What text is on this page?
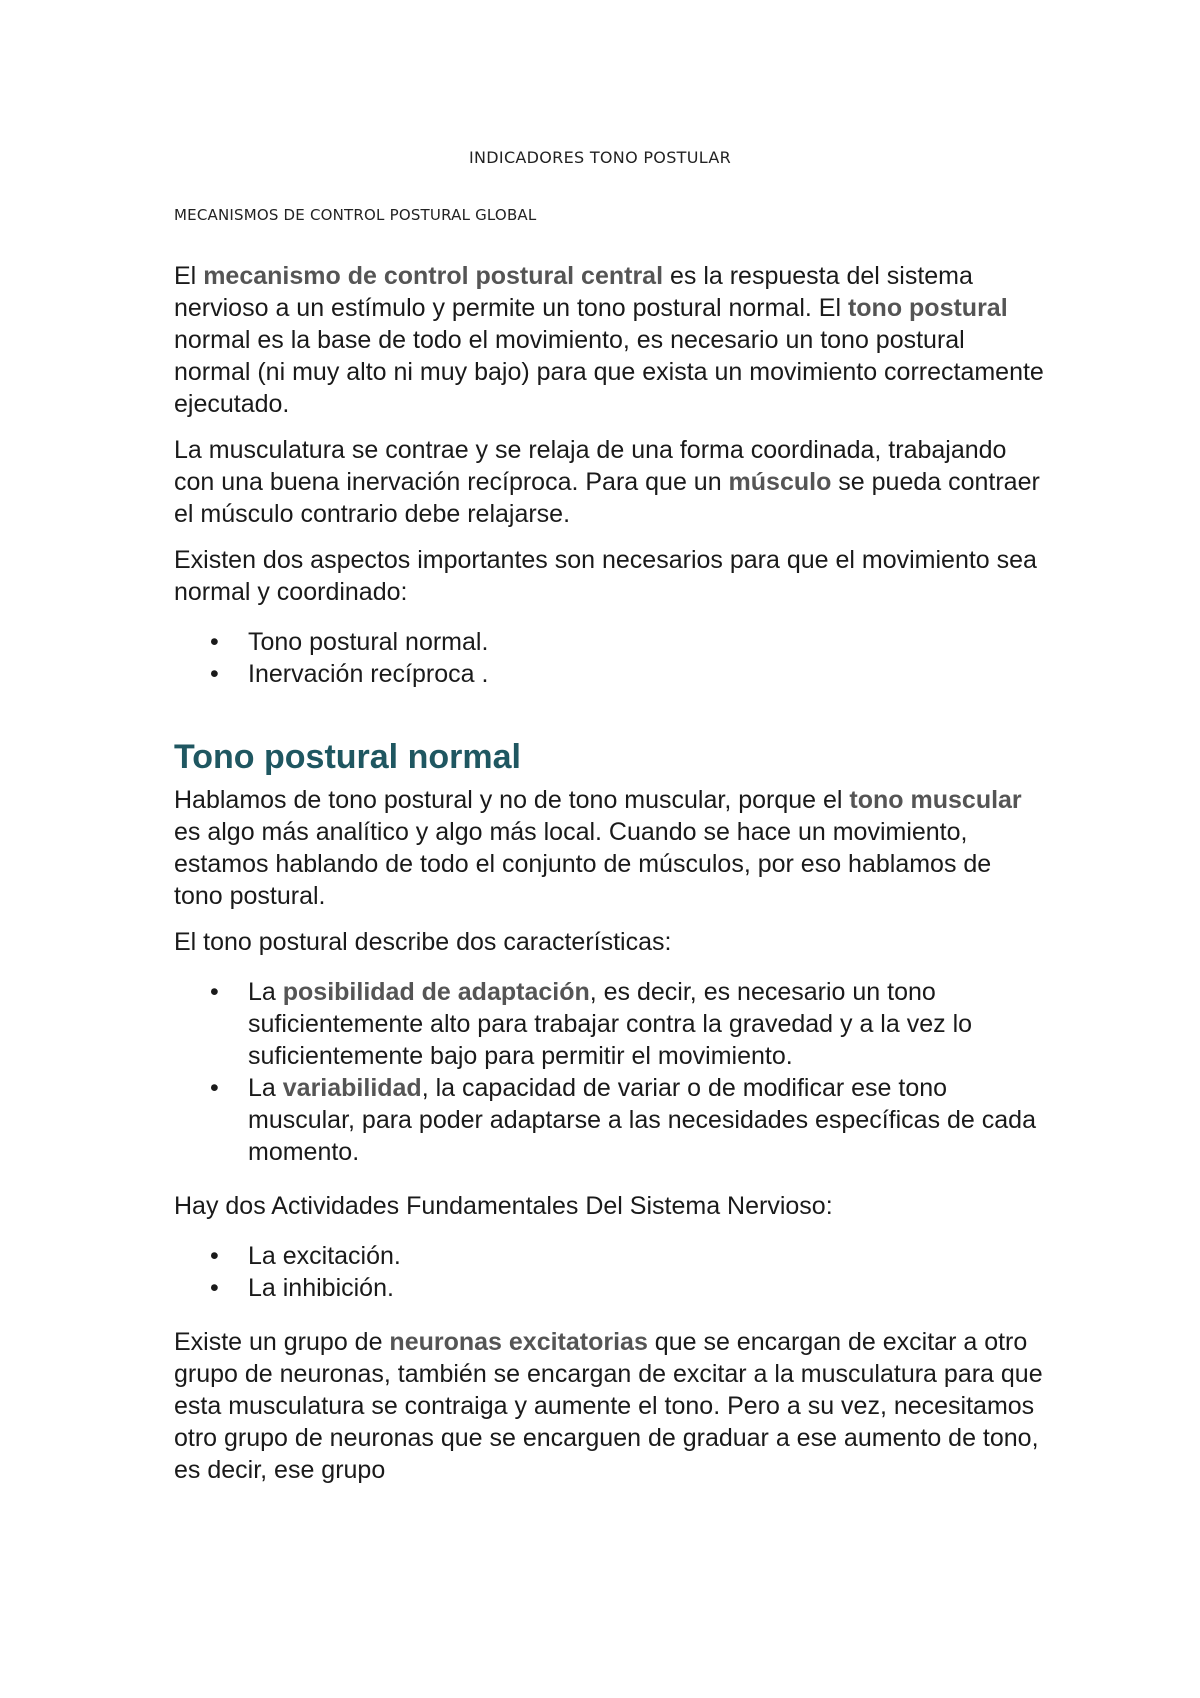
INDICADORES TONO POSTULAR
MECANISMOS DE CONTROL POSTURAL GLOBAL

El mecanismo de control postural central es la respuesta del sistema nervioso a un estímulo y permite un tono postural normal. El tono postural normal es la base de todo el movimiento, es necesario un tono postural normal (ni muy alto ni muy bajo) para que exista un movimiento correctamente ejecutado.

La musculatura se contrae y se relaja de una forma coordinada, trabajando con una buena inervación recíproca. Para que un músculo se pueda contraer el músculo contrario debe relajarse.

Existen dos aspectos importantes son necesarios para que el movimiento sea normal y coordinado:

• Tono postural normal.
• Inervación recíproca .
Tono postural normal

Hablamos de tono postural y no de tono muscular, porque el tono muscular es algo más analítico y algo más local. Cuando se hace un movimiento, estamos hablando de todo el conjunto de músculos, por eso hablamos de tono postural.

El tono postural describe dos características:

• La posibilidad de adaptación, es decir, es necesario un tono suficientemente alto para trabajar contra la gravedad y a la vez lo suficientemente bajo para permitir el movimiento.
• La variabilidad, la capacidad de variar o de modificar ese tono muscular, para poder adaptarse a las necesidades específicas de cada momento.

Hay dos Actividades Fundamentales Del Sistema Nervioso:

• La excitación.
• La inhibición.

Existe un grupo de neuronas excitatorias que se encargan de excitar a otro grupo de neuronas, también se encargan de excitar a la musculatura para que esta musculatura se contraiga y aumente el tono. Pero a su vez, necesitamos otro grupo de neuronas que se encarguen de graduar a ese aumento de tono, es decir, ese grupo
